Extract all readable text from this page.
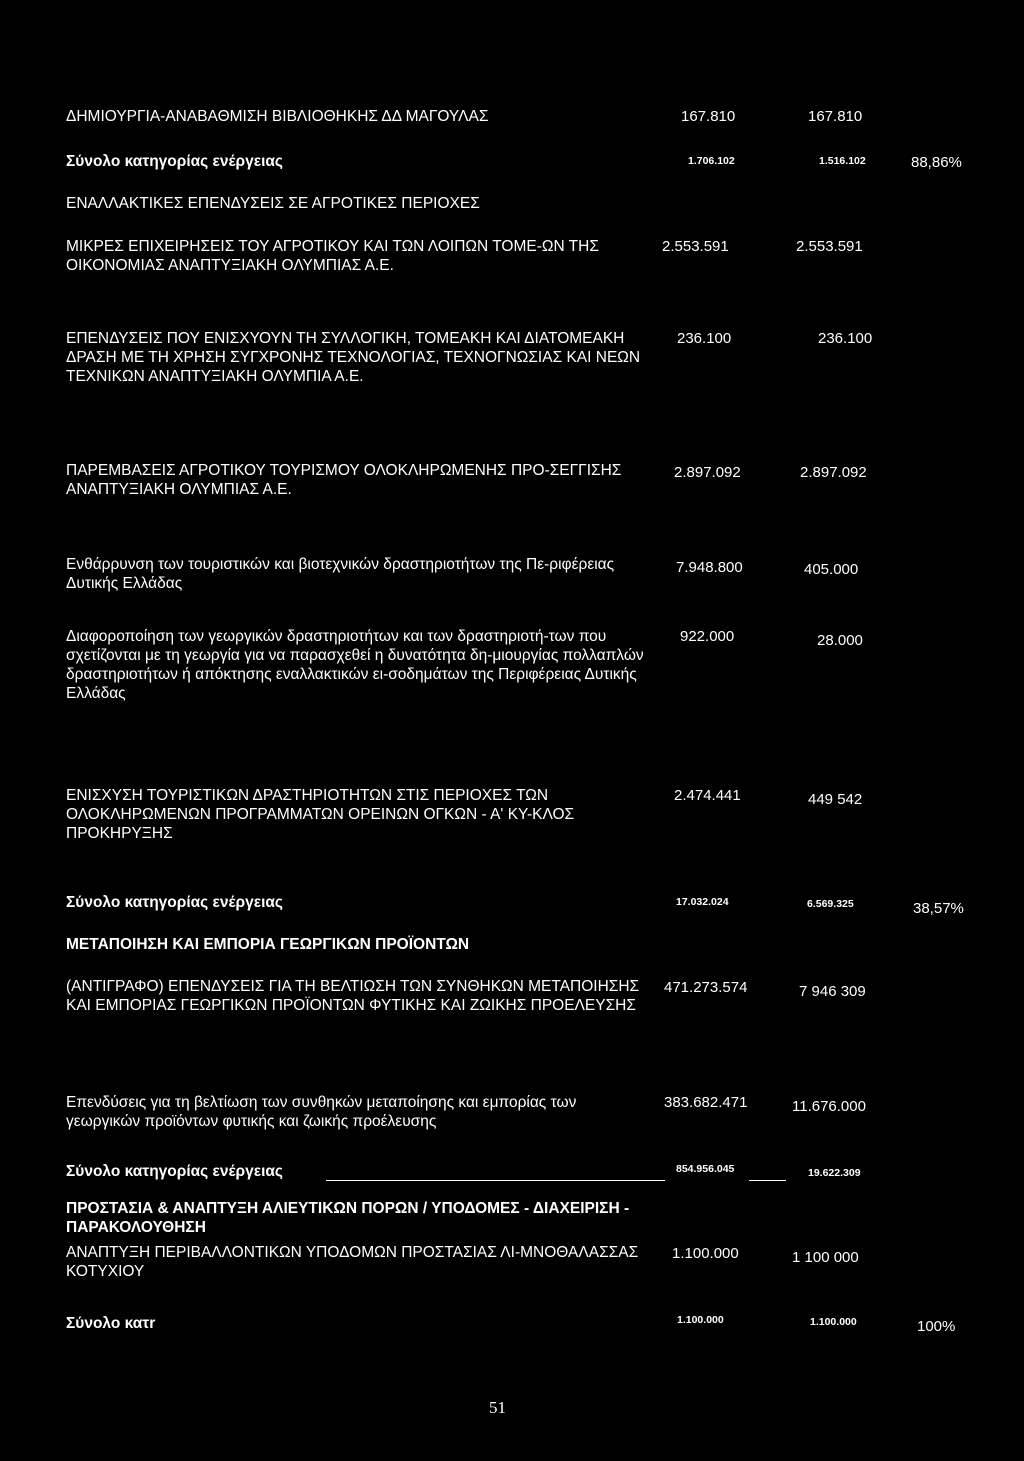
ΔΗΜΙΟΥΡΓΙΑ-ΑΝΑΒΑΘΜΙΣΗ ΒΙΒΛΙΟΘΗΚΗΣ ΔΔ ΜΑΓΟΥΛΑΣ	167.810	167.810
Σύνολο κατηγορίας ενέργειας	1.706.102	1.516.102	88,86%
ΕΝΑΛΛΑΚΤΙΚΕΣ ΕΠΕΝΔΥΣΕΙΣ ΣΕ ΑΓΡΟΤΙΚΕΣ ΠΕΡΙΟΧΕΣ
ΜΙΚΡΕΣ ΕΠΙΧΕΙΡΗΣΕΙΣ ΤΟΥ ΑΓΡΟΤΙΚΟΥ ΚΑΙ ΤΩΝ ΛΟΙΠΩΝ ΤΟΜΕ-ΩΝ ΤΗΣ ΟΙΚΟΝΟΜΙΑΣ ΑΝΑΠΤΥΞΙΑΚΗ ΟΛΥΜΠΙΑΣ Α.Ε.
2.553.591	2.553.591
ΕΠΕΝΔΥΣΕΙΣ ΠΟΥ ΕΝΙΣΧΥΟΥΝ ΤΗ ΣΥΛΛΟΓΙΚΗ, ΤΟΜΕΑΚΗ ΚΑΙ ΔΙΑΤΟΜΕΑΚΗ ΔΡΑΣΗ ΜΕ ΤΗ ΧΡΗΣΗ ΣΥΓΧΡΟΝΗΣ ΤΕΧΝΟΛΟΓΙΑΣ, ΤΕΧΝΟΓΝΩΣΙΑΣ ΚΑΙ ΝΕΩΝ ΤΕΧΝΙΚΩΝ ΑΝΑΠΤΥΞΙΑΚΗ ΟΛΥΜΠΙΑ Α.Ε.
236.100	236.100
ΠΑΡΕΜΒΑΣΕΙΣ ΑΓΡΟΤΙΚΟΥ ΤΟΥΡΙΣΜΟΥ ΟΛΟΚΛΗΡΩΜΕΝΗΣ ΠΡΟ-ΣΕΓΓΙΣΗΣ ΑΝΑΠΤΥΞΙΑΚΗ ΟΛΥΜΠΙΑΣ Α.Ε.
2.897.092	2.897.092
Ενθάρρυνση των τουριστικών και βιοτεχνικών δραστηριοτήτων της Πε-ριφέρειας Δυτικής Ελλάδας
7.948.800	405.000
Διαφοροποίηση των γεωργικών δραστηριοτήτων και των δραστηριοτή-των που σχετίζονται με τη γεωργία για να παρασχεθεί η δυνατότητα δη-μιουργίας πολλαπλών δραστηριοτήτων ή απόκτησης εναλλακτικών ει-σοδημάτων της Περιφέρειας Δυτικής Ελλάδας
922.000	28.000
ΕΝΙΣΧΥΣΗ ΤΟΥΡΙΣΤΙΚΩΝ ΔΡΑΣΤΗΡΙΟΤΗΤΩΝ ΣΤΙΣ ΠΕΡΙΟΧΕΣ ΤΩΝ ΟΛΟΚΛΗΡΩΜΕΝΩΝ ΠΡΟΓΡΑΜΜΑΤΩΝ ΟΡΕΙΝΩΝ ΟΓΚΩΝ - Α' ΚΥ-ΚΛΟΣ ΠΡΟΚΗΡΥΞΗΣ
2.474.441	449 542
Σύνολο κατηγορίας ενέργειας	17.032.024	6.569.325	38,57%
ΜΕΤΑΠΟΙΗΣΗ ΚΑΙ ΕΜΠΟΡΙΑ ΓΕΩΡΓΙΚΩΝ ΠΡΟΪΟΝΤΩΝ
(ΑΝΤΙΓΡΑΦΟ) ΕΠΕΝΔΥΣΕΙΣ ΓΙΑ ΤΗ ΒΕΛΤΙΩΣΗ ΤΩΝ ΣΥΝΘΗΚΩΝ ΜΕΤΑΠΟΙΗΣΗΣ ΚΑΙ ΕΜΠΟΡΙΑΣ ΓΕΩΡΓΙΚΩΝ ΠΡΟΪΟΝΤΩΝ ΦΥΤΙΚΗΣ ΚΑΙ ΖΩΙΚΗΣ ΠΡΟΕΛΕΥΣΗΣ
471.273.574	7 946 309
Επενδύσεις για τη βελτίωση των συνθηκών μεταποίησης και εμπορίας των γεωργικών προϊόντων φυτικής και ζωικής προέλευσης
383.682.471	11.676.000
Σύνολο κατηγορίας ενέργειας	854.956.045	19.622.309
ΠΡΟΣΤΑΣΙΑ & ΑΝΑΠΤΥΞΗ ΑΛΙΕΥΤΙΚΩΝ ΠΟΡΩΝ / ΥΠΟΔΟΜΕΣ - ΔΙΑΧΕΙΡΙΣΗ - ΠΑΡΑΚΟΛΟΥΘΗΣΗ
ΑΝΑΠΤΥΞΗ ΠΕΡΙΒΑΛΛΟΝΤΙΚΩΝ ΥΠΟΔΟΜΩΝ ΠΡΟΣΤΑΣΙΑΣ ΛΙ-ΜΝΟΘΑΛΑΣΣΑΣ ΚΟΤΥΧΙΟΥ
1.100.000	1 100 000
Σύνολο κατr	1.100.000	1.100.000	100%
51
